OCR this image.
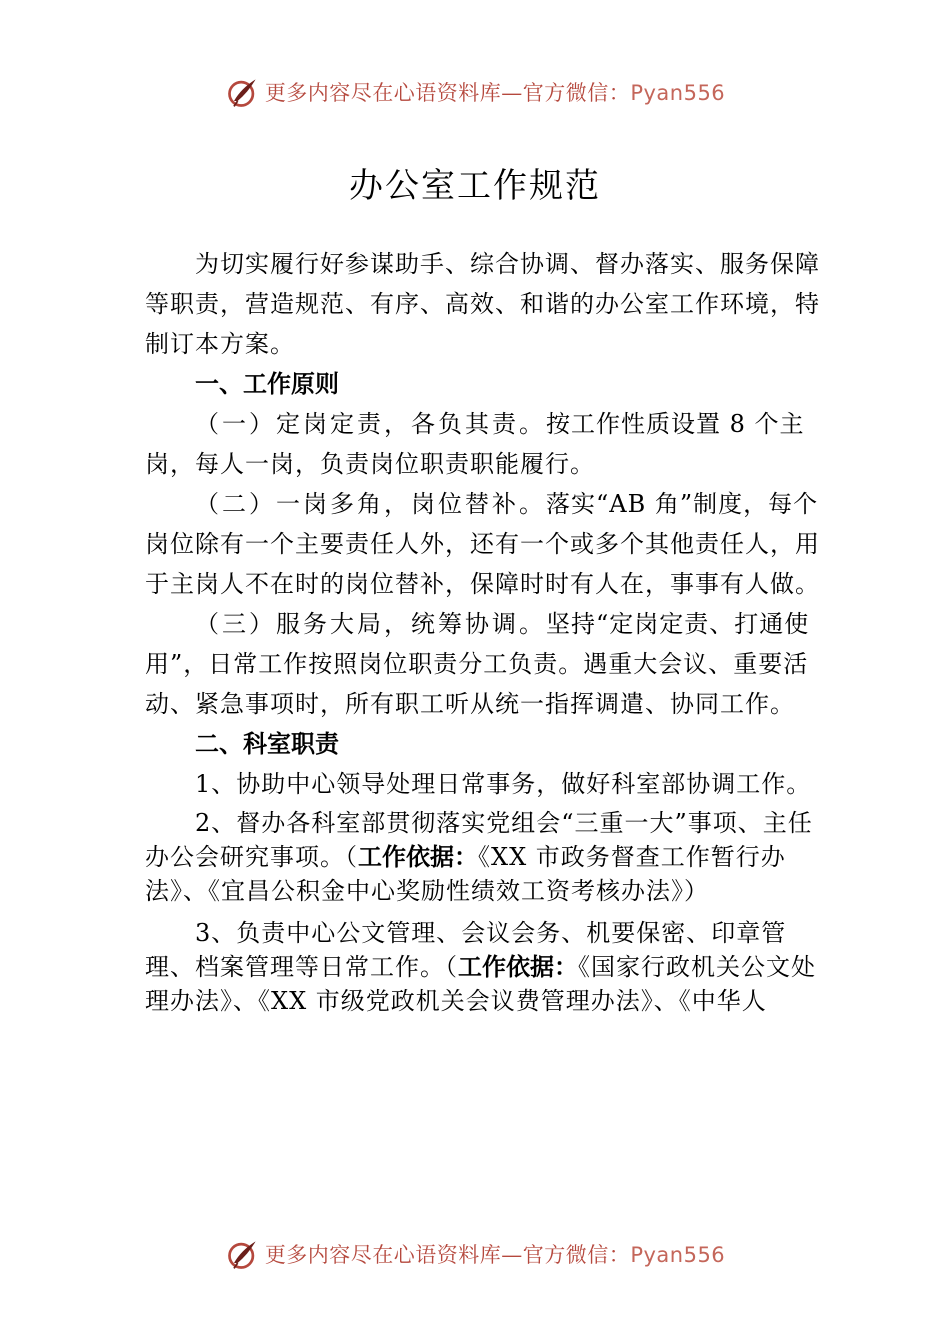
更多内容尽在心语资料库—官方微信：Pyan556
办公室工作规范

为切实履行好参谋助手、综合协调、督办落实、服务保障等职责，营造规范、有序、高效、和谐的办公室工作环境，特制订本方案。

一、工作原则

（一）定岗定责，各负其责。按工作性质设置 8 个主岗，每人一岗，负责岗位职责职能履行。

（二）一岗多角，岗位替补。落实“AB 角”制度，每个岗位除有一个主要责任人外，还有一个或多个其他责任人，用于主岗人不在时的岗位替补，保障时时有人在，事事有人做。

（三）服务大局，统筹协调。坚持“定岗定责、打通使用”，日常工作按照岗位职责分工负责。遇重大会议、重要活动、紧急事项时，所有职工听从统一指挥调遣、协同工作。

二、科室职责

1、协助中心领导处理日常事务，做好科室部协调工作。

2、督办各科室部贯彻落实党组会“三重一大”事项、主任办公会研究事项。（工作依据：《XX 市政务督查工作暂行办法》、《宜昌公积金中心奖励性绩效工资考核办法》）

3、负责中心公文管理、会议会务、机要保密、印章管理、档案管理等日常工作。（工作依据：《国家行政机关公文处理办法》、《XX 市级党政机关会议费管理办法》、《中华人

更多内容尽在心语资料库—官方微信：Pyan556
